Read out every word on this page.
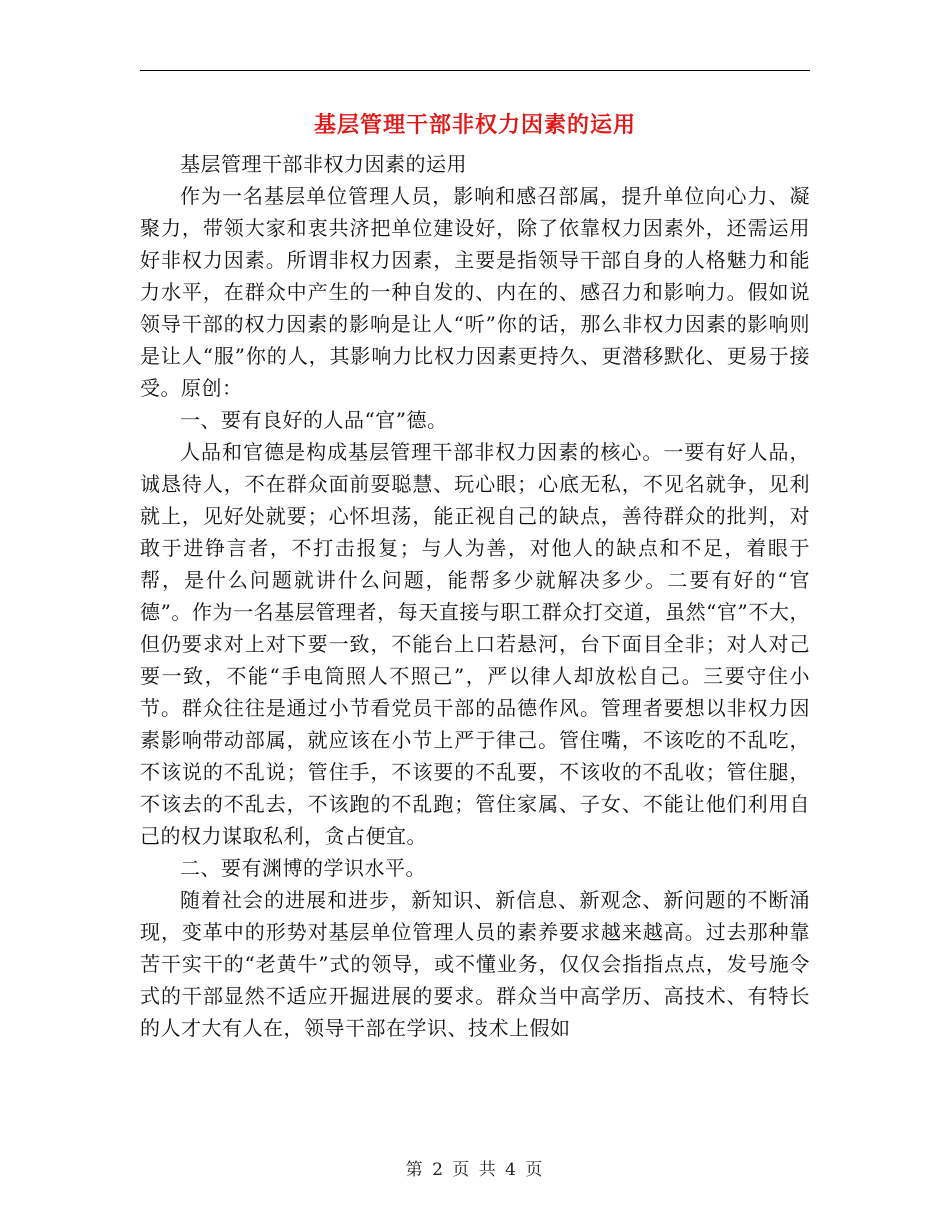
基层管理干部非权力因素的运用

基层管理干部非权力因素的运用

作为一名基层单位管理人员，影响和感召部属，提升单位向心力、凝聚力，带领大家和衷共济把单位建设好，除了依靠权力因素外，还需运用好非权力因素。所谓非权力因素，主要是指领导干部自身的人格魅力和能力水平，在群众中产生的一种自发的、内在的、感召力和影响力。假如说领导干部的权力因素的影响是让人“听”你的话，那么非权力因素的影响则是让人“服”你的人，其影响力比权力因素更持久、更潜移默化、更易于接受。原创：

一、要有良好的人品“官”德。

人品和官德是构成基层管理干部非权力因素的核心。一要有好人品，诚恳待人，不在群众面前耍聪慧、玩心眼；心底无私，不见名就争，见利就上，见好处就要；心怀坦荡，能正视自己的缺点，善待群众的批判，对敢于进铮言者，不打击报复；与人为善，对他人的缺点和不足，着眼于帮，是什么问题就讲什么问题，能帮多少就解决多少。二要有好的“官德”。作为一名基层管理者，每天直接与职工群众打交道，虽然“官”不大，但仍要求对上对下要一致，不能台上口若悬河，台下面目全非；对人对己要一致，不能“手电筒照人不照己”，严以律人却放松自己。三要守住小节。群众往往是通过小节看党员干部的品德作风。管理者要想以非权力因素影响带动部属，就应该在小节上严于律己。管住嘴，不该吃的不乱吃，不该说的不乱说；管住手，不该要的不乱要，不该收的不乱收；管住腿，不该去的不乱去，不该跑的不乱跑；管住家属、子女、不能让他们利用自己的权力谋取私利，贪占便宜。

二、要有渊博的学识水平。

随着社会的进展和进步，新知识、新信息、新观念、新问题的不断涌现，变革中的形势对基层单位管理人员的素养要求越来越高。过去那种靠苦干实干的“老黄牛”式的领导，或不懂业务，仅仅会指指点点，发号施令式的干部显然不适应开掘进展的要求。群众当中高学历、高技术、有特长的人才大有人在，领导干部在学识、技术上假如

第 2 页 共 4 页
